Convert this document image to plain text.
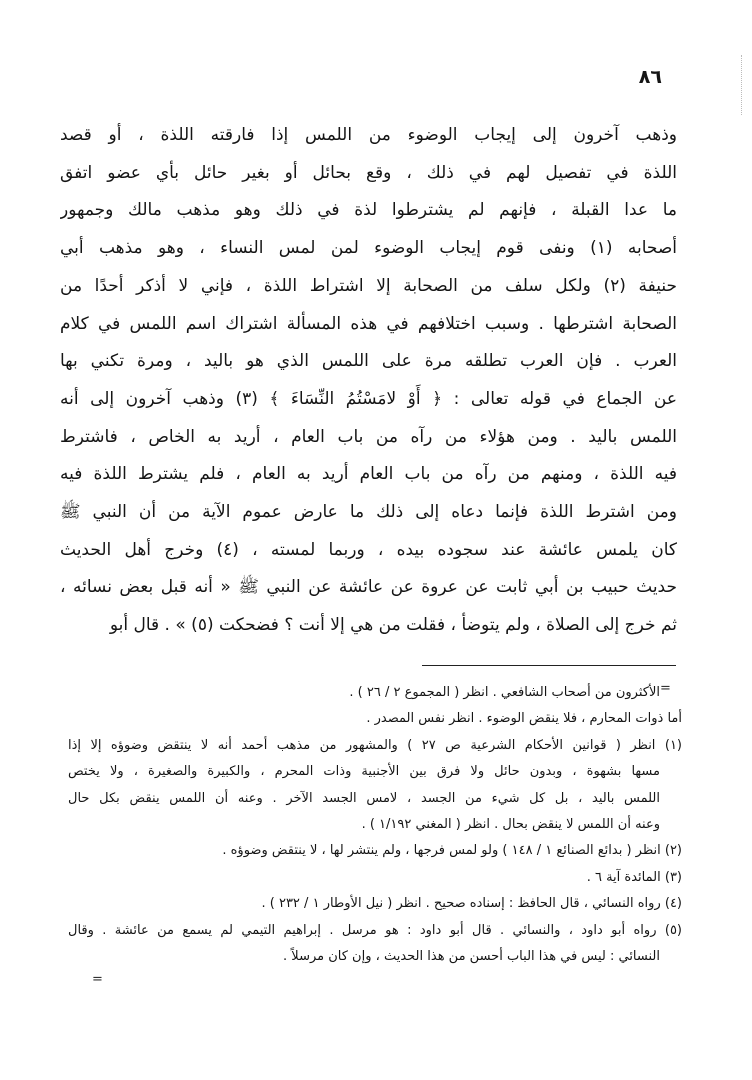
٨٦
وذهب آخرون إلى إيجاب الوضوء من اللمس إذا فارقته اللذة ، أو قصد
اللذة في تفصيل لهم في ذلك ، وقع بحائل أو بغير حائل بأي عضو اتفق
ما عدا القبلة ، فإنهم لم يشترطوا لذة في ذلك وهو مذهب مالك وجمهور
أصحابه (١) ونفى قوم إيجاب الوضوء لمن لمس النساء ، وهو مذهب أبي
حنيفة (٢) ولكل سلف من الصحابة إلا اشتراط اللذة ، فإني لا أذكر أحدًا من
الصحابة اشترطها . وسبب اختلافهم في هذه المسألة اشتراك اسم اللمس في كلام
العرب . فإن العرب تطلقه مرة على اللمس الذي هو باليد ، ومرة تكني بها
عن الجماع في قوله تعالى : ﴿ أَوْ لامَسْتُمُ النِّسَاءَ ﴾ (٣) وذهب آخرون إلى أنه
اللمس باليد . ومن هؤلاء من رآه من باب العام ، أريد به الخاص ، فاشترط
فيه اللذة ، ومنهم من رآه من باب العام أريد به العام ، فلم يشترط اللذة فيه
ومن اشترط اللذة فإنما دعاه إلى ذلك ما عارض عموم الآية من أن النبي ﷺ
كان يلمس عائشة عند سجوده بيده ، وربما لمسته ، (٤) وخرج أهل الحديث
حديث حبيب بن أبي ثابت عن عروة عن عائشة عن النبي ﷺ « أنه قبل بعض نسائه ،
ثم خرج إلى الصلاة ، ولم يتوضأ ، فقلت من هي إلا أنت ؟ فضحكت (٥) » . قال أبو
=
الأكثرون من أصحاب الشافعي . انظر ( المجموع ٢ / ٢٦ ) .
أما ذوات المحارم ، فلا ينقض الوضوء . انظر نفس المصدر .
(١) انظر ( قوانين الأحكام الشرعية ص ٢٧ ) والمشهور من مذهب أحمد أنه لا ينتقض وضوؤه إلا إذا
مسها بشهوة ، وبدون حائل ولا فرق بين الأجنبية وذات المحرم ، والكبيرة والصغيرة ، ولا يختص
اللمس باليد ، بل كل شيء من الجسد ، لامس الجسد الآخر . وعنه أن اللمس ينقض بكل حال
وعنه أن اللمس لا ينقض بحال . انظر ( المغني ١/١٩٢ ) .
(٢) انظر ( بدائع الصنائع ١ / ١٤٨ ) ولو لمس فرجها ، ولم ينتشر لها ، لا ينتقض وضوؤه .
(٣) المائدة آية ٦ .
(٤) رواه النسائي ، قال الحافظ : إسناده صحيح . انظر ( نيل الأوطار ١ / ٢٣٢ ) .
(٥) رواه أبو داود ، والنسائي . قال أبو داود : هو مرسل . إبراهيم التيمي لم يسمع من عائشة . وقال
النسائي : ليس في هذا الباب أحسن من هذا الحديث ، وإن كان مرسلاً .
=
